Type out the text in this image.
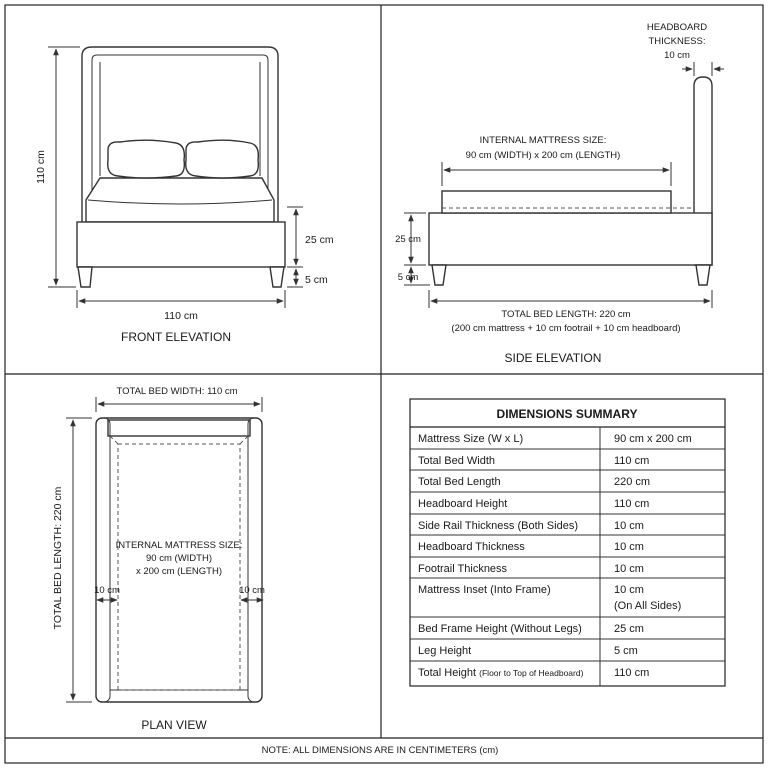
110 cm
25 cm
5 cm
110 cm
FRONT ELEVATION
HEADBOARD
THICKNESS:
10 cm
INTERNAL MATTRESS SIZE:
90 cm (WIDTH) x 200 cm (LENGTH)
25 cm
5 cm
TOTAL BED LENGTH: 220 cm
(200 cm mattress + 10 cm footrail + 10 cm headboard)
SIDE ELEVATION
TOTAL BED WIDTH: 110 cm
INTERNAL MATTRESS SIZE:
90 cm (WIDTH)
x 200 cm (LENGTH)
10 cm	10 cm
TOTAL BED LENGTH: 220 cm
PLAN VIEW
DIMENSIONS SUMMARY
Mattress Size (W x L)	90 cm x 200 cm
Total Bed Width	110 cm
Total Bed Length	220 cm
Headboard Height	110 cm
Side Rail Thickness (Both Sides)	10 cm
Headboard Thickness	10 cm
Footrail Thickness	10 cm
Mattress Inset (Into Frame)	10 cm
(On All Sides)
Bed Frame Height (Without Legs)	25 cm
Leg Height	5 cm
Total Height (Floor to Top of Headboard)	110 cm
NOTE: ALL DIMENSIONS ARE IN CENTIMETERS (cm)
